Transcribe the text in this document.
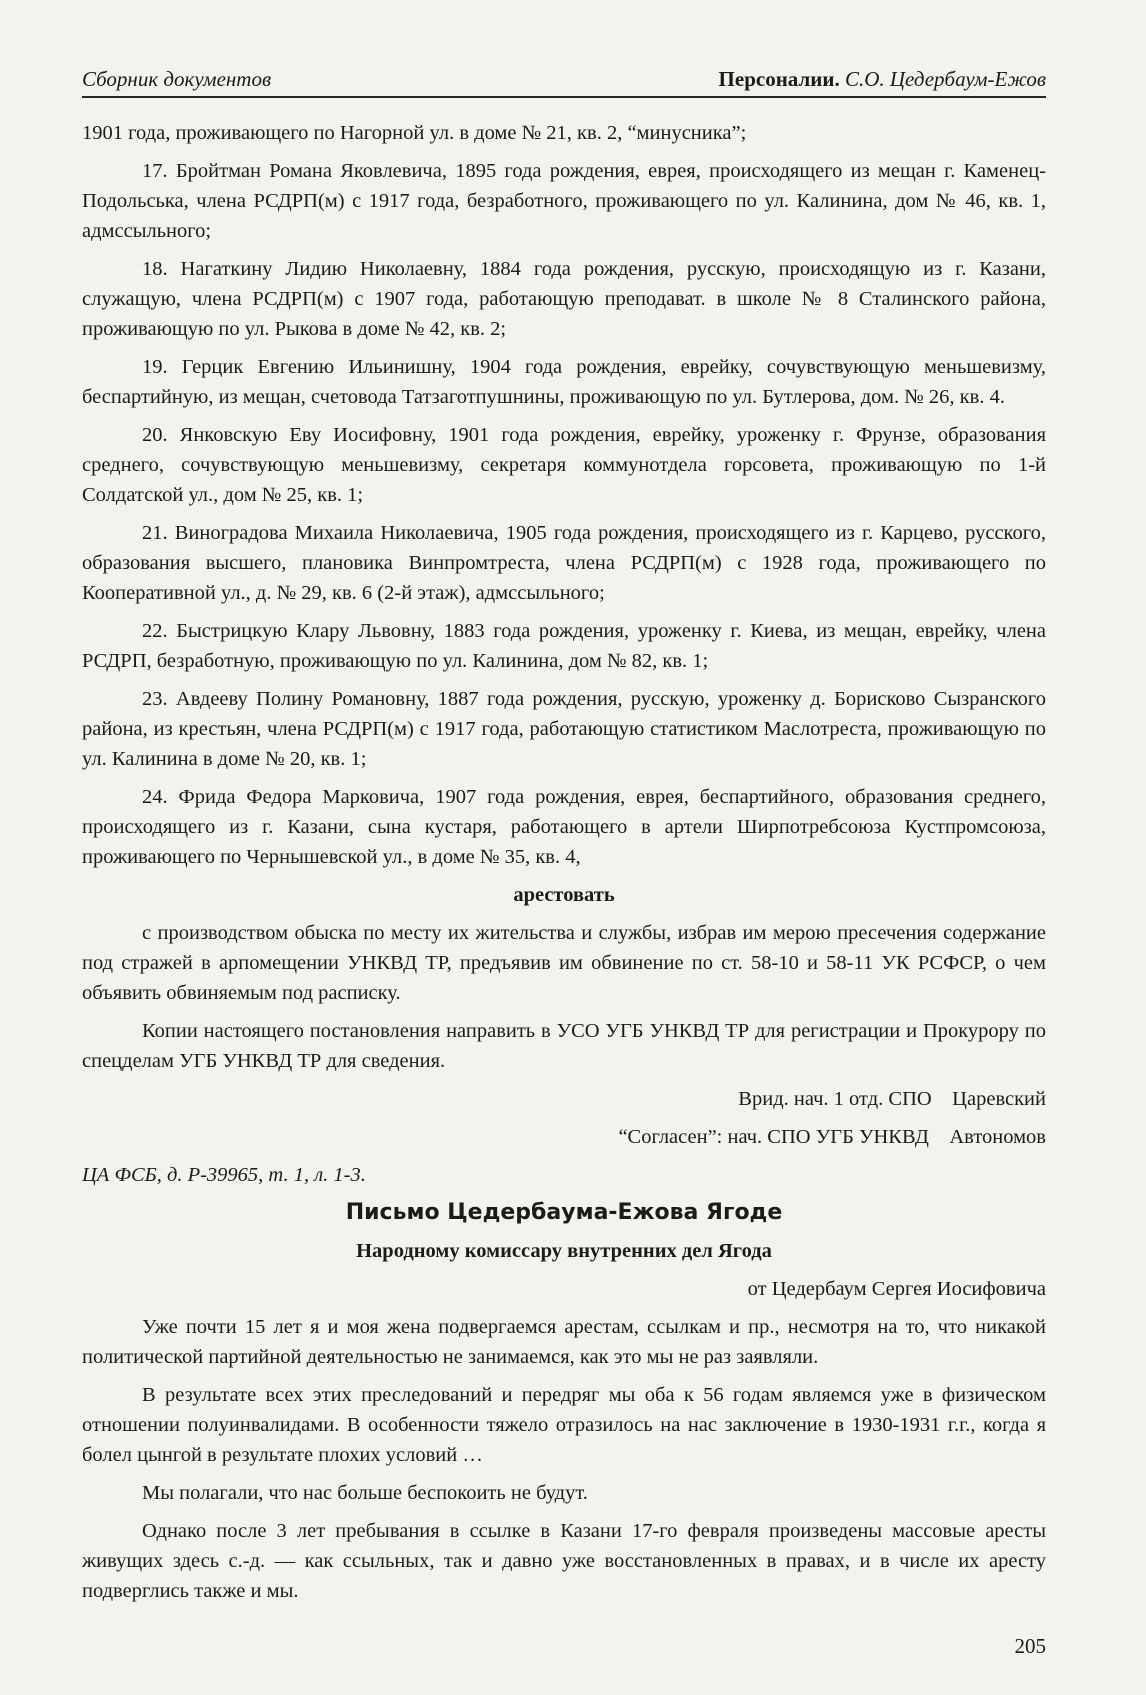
Сборник документов	Персоналии. С.О. Цедербаум-Ежов

1901 года, проживающего по Нагорной ул. в доме № 21, кв. 2, “минусника”;

17. Бройтман Романа Яковлевича, 1895 года рождения, еврея, происходящего из мещан г. Каменец-Подольська, члена РСДРП(м) с 1917 года, безработного, проживающего по ул. Калинина, дом № 46, кв. 1, адмссыльного;

18. Нагаткину Лидию Николаевну, 1884 года рождения, русскую, происходящую из г. Казани, служащую, члена РСДРП(м) с 1907 года, работающую преподават. в школе № 8 Сталинского района, проживающую по ул. Рыкова в доме № 42, кв. 2;

19. Герцик Евгению Ильинишну, 1904 года рождения, еврейку, сочувствующую меньшевизму, беспартийную, из мещан, счетовода Татзаготпушнины, проживающую по ул. Бутлерова, дом. № 26, кв. 4.

20. Янковскую Еву Иосифовну, 1901 года рождения, еврейку, уроженку г. Фрунзе, образования среднего, сочувствующую меньшевизму, секретаря коммунотдела горсовета, проживающую по 1-й Солдатской ул., дом № 25, кв. 1;

21. Виноградова Михаила Николаевича, 1905 года рождения, происходящего из г. Карцево, русского, образования высшего, плановика Винпромтреста, члена РСДРП(м) с 1928 года, проживающего по Кооперативной ул., д. № 29, кв. 6 (2-й этаж), адмссыльного;

22. Быстрицкую Клару Львовну, 1883 года рождения, уроженку г. Киева, из мещан, еврейку, члена РСДРП, безработную, проживающую по ул. Калинина, дом № 82, кв. 1;

23. Авдееву Полину Романовну, 1887 года рождения, русскую, уроженку д. Борисково Сызранского района, из крестьян, члена РСДРП(м) с 1917 года, работающую статистиком Маслотреста, проживающую по ул. Калинина в доме № 20, кв. 1;

24. Фрида Федора Марковича, 1907 года рождения, еврея, беспартийного, образования среднего, происходящего из г. Казани, сына кустаря, работающего в артели Ширпотребсоюза Кустпромсоюза, проживающего по Чернышевской ул., в доме № 35, кв. 4,

арестовать

с производством обыска по месту их жительства и службы, избрав им мерою пресечения содержание под стражей в арпомещении УНКВД ТР, предъявив им обвинение по ст. 58-10 и 58-11 УК РСФСР, о чем объявить обвиняемым под расписку.

Копии настоящего постановления направить в УСО УГБ УНКВД ТР для регистрации и Прокурору по спецделам УГБ УНКВД ТР для сведения.

Врид. нач. 1 отд. СПО    Царевский

“Согласен”: нач. СПО УГБ УНКВД    Автономов

ЦА ФСБ, д. Р-39965, т. 1, л. 1-3.

Письмо Цедербаума-Ежова Ягоде

Народному комиссару внутренних дел Ягода

от Цедербаум Сергея Иосифовича

Уже почти 15 лет я и моя жена подвергаемся арестам, ссылкам и пр., несмотря на то, что никакой политической партийной деятельностью не занимаемся, как это мы не раз заявляли.

В результате всех этих преследований и передряг мы оба к 56 годам являемся уже в физическом отношении полуинвалидами. В особенности тяжело отразилось на нас заключение в 1930-1931 г.г., когда я болел цынгой в результате плохих условий …

Мы полагали, что нас больше беспокоить не будут.

Однако после 3 лет пребывания в ссылке в Казани 17-го февраля произведены массовые аресты живущих здесь с.-д. — как ссыльных, так и давно уже восстановленных в правах, и в числе их аресту подверглись также и мы.

205
